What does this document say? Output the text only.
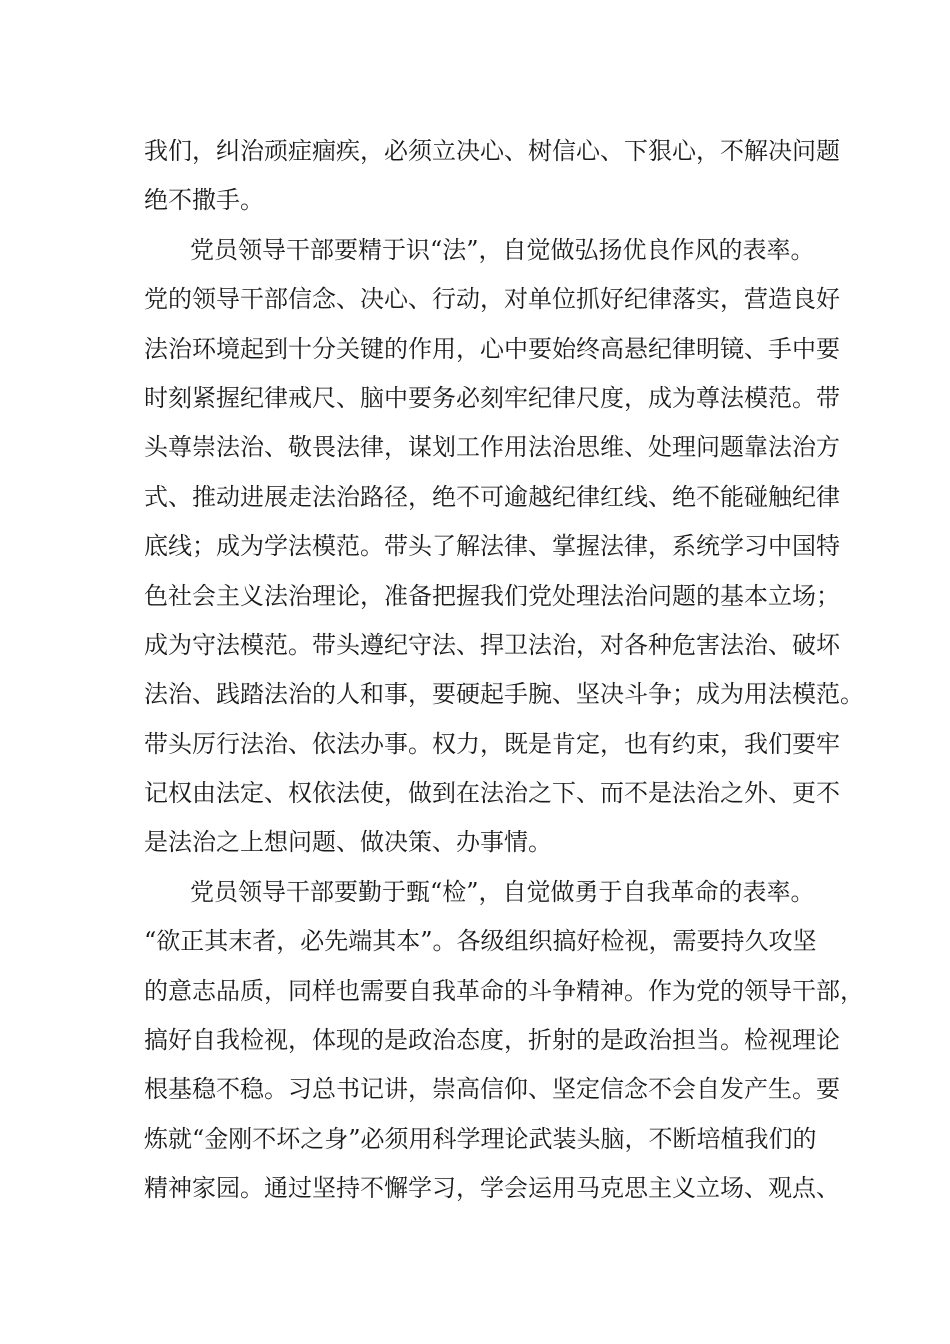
我们，纠治顽症痼疾，必须立决心、树信心、下狠心，不解决问题
绝不撒手。
党员领导干部要精于识“法”，自觉做弘扬优良作风的表率。
党的领导干部信念、决心、行动，对单位抓好纪律落实，营造良好
法治环境起到十分关键的作用，心中要始终高悬纪律明镜、手中要
时刻紧握纪律戒尺、脑中要务必刻牢纪律尺度，成为尊法模范。带
头尊崇法治、敬畏法律，谋划工作用法治思维、处理问题靠法治方
式、推动进展走法治路径，绝不可逾越纪律红线、绝不能碰触纪律
底线；成为学法模范。带头了解法律、掌握法律，系统学习中国特
色社会主义法治理论，准备把握我们党处理法治问题的基本立场；
成为守法模范。带头遵纪守法、捍卫法治，对各种危害法治、破坏
法治、践踏法治的人和事，要硬起手腕、坚决斗争；成为用法模范。
带头厉行法治、依法办事。权力，既是肯定，也有约束，我们要牢
记权由法定、权依法使，做到在法治之下、而不是法治之外、更不
是法治之上想问题、做决策、办事情。
党员领导干部要勤于甄“检”，自觉做勇于自我革命的表率。
“欲正其末者，必先端其本”。各级组织搞好检视，需要持久攻坚
的意志品质，同样也需要自我革命的斗争精神。作为党的领导干部，
搞好自我检视，体现的是政治态度，折射的是政治担当。检视理论
根基稳不稳。习总书记讲，崇高信仰、坚定信念不会自发产生。要
炼就“金刚不坏之身”必须用科学理论武装头脑，不断培植我们的
精神家园。通过坚持不懈学习，学会运用马克思主义立场、观点、
